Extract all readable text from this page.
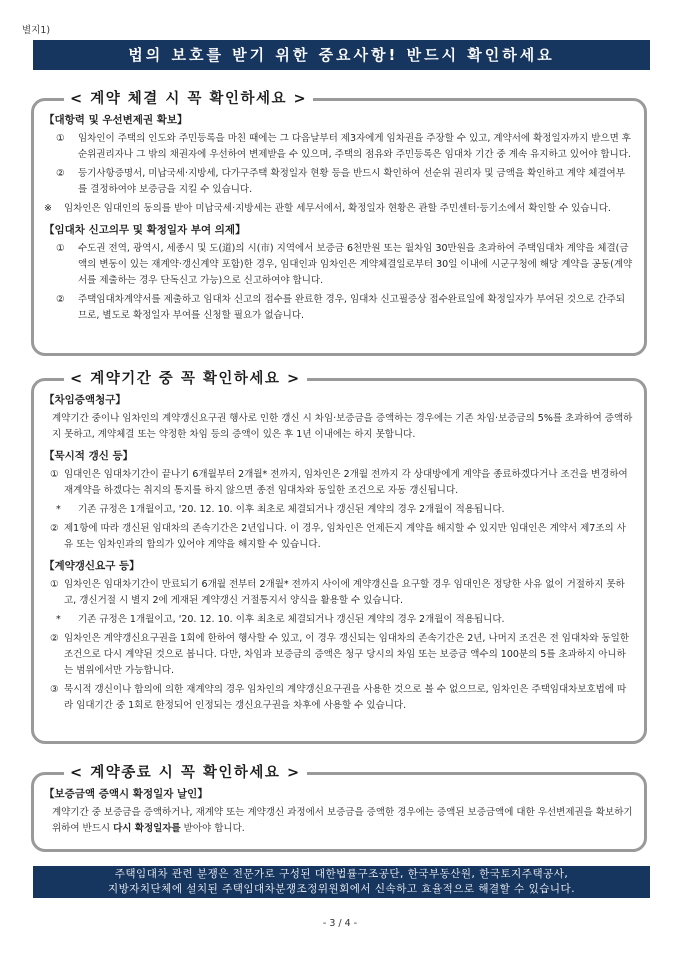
별지1)
법의 보호를 받기 위한 중요사항! 반드시 확인하세요
< 계약 체결 시 꼭 확인하세요 >
【대항력 및 우선변제권 확보】
①	임차인이 주택의 인도와 주민등록을 마친 때에는 그 다음날부터 제3자에게 임차권을 주장할 수 있고, 계약서에 확정일자까지 받으면 후순위권리자나 그 밖의 채권자에 우선하여 변제받을 수 있으며, 주택의 점유와 주민등록은 임대차 기간 중 계속 유지하고 있어야 합니다.
②	등기사항증명서, 미납국세·지방세, 다가구주택 확정일자 현황 등을 반드시 확인하여 선순위 권리자 및 금액을 확인하고 계약 체결여부를 결정하여야 보증금을 지킬 수 있습니다.
※	임차인은 임대인의 동의를 받아 미납국세·지방세는 관할 세무서에서, 확정일자 현황은 관할 주민센터·등기소에서 확인할 수 있습니다.
【임대차 신고의무 및 확정일자 부여 의제】
①	수도권 전역, 광역시, 세종시 및 도(道)의 시(市) 지역에서 보증금 6천만원 또는 월차임 30만원을 초과하여 주택임대차 계약을 체결(금액의 변동이 있는 재계약·갱신계약 포함)한 경우, 임대인과 임차인은 계약체결일로부터 30일 이내에 시군구청에 해당 계약을 공동(계약서를 제출하는 경우 단독신고 가능)으로 신고하여야 합니다.
②	주택임대차계약서를 제출하고 임대차 신고의 접수를 완료한 경우, 임대차 신고필증상 접수완료일에 확정일자가 부여된 것으로 간주되므로, 별도로 확정일자 부여를 신청할 필요가 없습니다.
< 계약기간 중 꼭 확인하세요 >
【차임증액청구】
계약기간 중이나 임차인의 계약갱신요구권 행사로 인한 갱신 시 차임·보증금을 증액하는 경우에는 기존 차임·보증금의 5%를 초과하여 증액하지 못하고, 계약체결 또는 약정한 차임 등의 증액이 있은 후 1년 이내에는 하지 못합니다.
【묵시적 갱신 등】
① 임대인은 임대차기간이 끝나기 6개월부터 2개월* 전까지, 임차인은 2개월 전까지 각 상대방에게 계약을 종료하겠다거나 조건을 변경하여 재계약을 하겠다는 취지의 통지를 하지 않으면 종전 임대차와 동일한 조건으로 자동 갱신됩니다.
*	기존 규정은 1개월이고, '20. 12. 10. 이후 최초로 체결되거나 갱신된 계약의 경우 2개월이 적용됩니다.
② 제1항에 따라 갱신된 임대차의 존속기간은 2년입니다. 이 경우, 임차인은 언제든지 계약을 해지할 수 있지만 임대인은 계약서 제7조의 사유 또는 임차인과의 합의가 있어야 계약을 해지할 수 있습니다.
【계약갱신요구 등】
① 임차인은 임대차기간이 만료되기 6개월 전부터 2개월* 전까지 사이에 계약갱신을 요구할 경우 임대인은 정당한 사유 없이 거절하지 못하고, 갱신거절 시 별지 2에 게재된 계약갱신 거절통지서 양식을 활용할 수 있습니다.
*	기존 규정은 1개월이고, '20. 12. 10. 이후 최초로 체결되거나 갱신된 계약의 경우 2개월이 적용됩니다.
② 임차인은 계약갱신요구권을 1회에 한하여 행사할 수 있고, 이 경우 갱신되는 임대차의 존속기간은 2년, 나머지 조건은 전 임대차와 동일한 조건으로 다시 계약된 것으로 봅니다. 다만, 차임과 보증금의 증액은 청구 당시의 차임 또는 보증금 액수의 100분의 5를 초과하지 아니하는 범위에서만 가능합니다.
③ 묵시적 갱신이나 합의에 의한 재계약의 경우 임차인의 계약갱신요구권을 사용한 것으로 볼 수 없으므로, 임차인은 주택임대차보호법에 따라 임대기간 중 1회로 한정되어 인정되는 갱신요구권을 차후에 사용할 수 있습니다.
< 계약종료 시 꼭 확인하세요 >
【보증금액 증액시 확정일자 날인】
계약기간 중 보증금을 증액하거나, 재계약 또는 계약갱신 과정에서 보증금을 증액한 경우에는 증액된 보증금액에 대한 우선변제권을 확보하기 위하여 반드시 다시 확정일자를 받아야 합니다.
주택임대차 관련 분쟁은 전문가로 구성된 대한법률구조공단, 한국부동산원, 한국토지주택공사,
지방자치단체에 설치된 주택임대차분쟁조정위원회에서 신속하고 효율적으로 해결할 수 있습니다.
- 3 / 4 -
